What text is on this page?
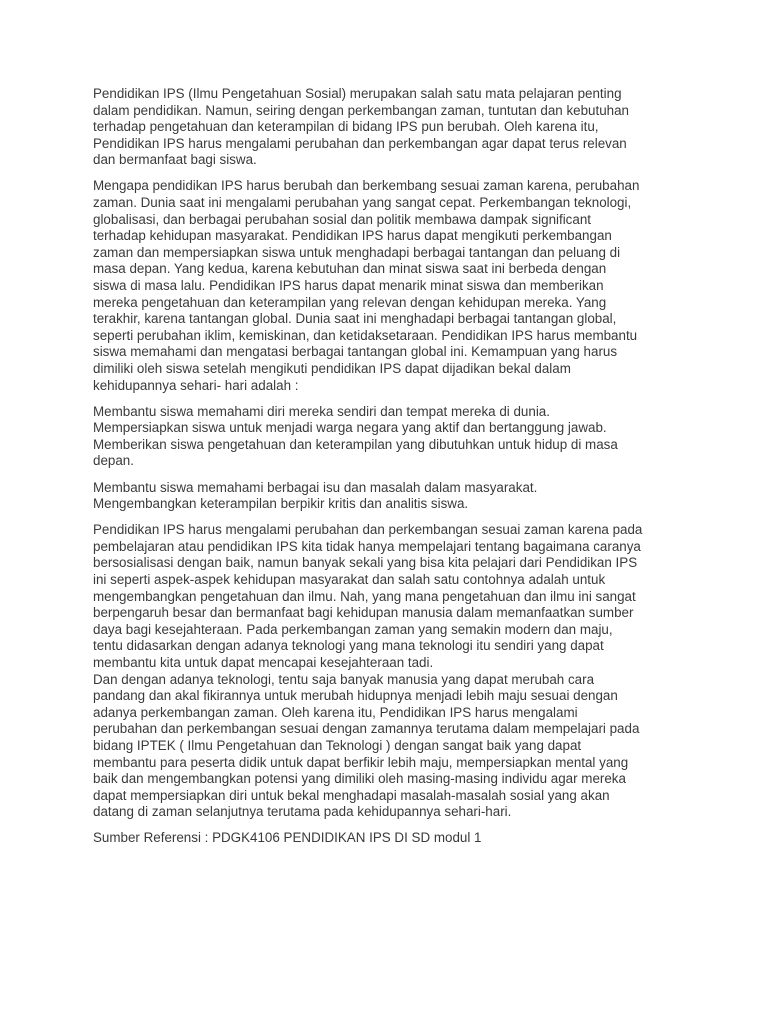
Pendidikan IPS (Ilmu Pengetahuan Sosial) merupakan salah satu mata pelajaran penting
dalam pendidikan. Namun, seiring dengan perkembangan zaman, tuntutan dan kebutuhan
terhadap pengetahuan dan keterampilan di bidang IPS pun berubah. Oleh karena itu,
Pendidikan IPS harus mengalami perubahan dan perkembangan agar dapat terus relevan
dan bermanfaat bagi siswa.

Mengapa pendidikan IPS harus berubah dan berkembang sesuai zaman karena, perubahan
zaman. Dunia saat ini mengalami perubahan yang sangat cepat. Perkembangan teknologi,
globalisasi, dan berbagai perubahan sosial dan politik membawa dampak significant
terhadap kehidupan masyarakat. Pendidikan IPS harus dapat mengikuti perkembangan
zaman dan mempersiapkan siswa untuk menghadapi berbagai tantangan dan peluang di
masa depan. Yang kedua, karena kebutuhan dan minat siswa saat ini berbeda dengan
siswa di masa lalu. Pendidikan IPS harus dapat menarik minat siswa dan memberikan
mereka pengetahuan dan keterampilan yang relevan dengan kehidupan mereka. Yang
terakhir, karena tantangan global. Dunia saat ini menghadapi berbagai tantangan global,
seperti perubahan iklim, kemiskinan, dan ketidaksetaraan. Pendidikan IPS harus membantu
siswa memahami dan mengatasi berbagai tantangan global ini. Kemampuan yang harus
dimiliki oleh siswa setelah mengikuti pendidikan IPS dapat dijadikan bekal dalam
kehidupannya sehari- hari adalah :

Membantu siswa memahami diri mereka sendiri dan tempat mereka di dunia.
Mempersiapkan siswa untuk menjadi warga negara yang aktif dan bertanggung jawab.
Memberikan siswa pengetahuan dan keterampilan yang dibutuhkan untuk hidup di masa
depan.

Membantu siswa memahami berbagai isu dan masalah dalam masyarakat.
Mengembangkan keterampilan berpikir kritis dan analitis siswa.

Pendidikan IPS harus mengalami perubahan dan perkembangan sesuai zaman karena pada
pembelajaran atau pendidikan IPS kita tidak hanya mempelajari tentang bagaimana caranya
bersosialisasi dengan baik, namun banyak sekali yang bisa kita pelajari dari Pendidikan IPS
ini seperti aspek-aspek kehidupan masyarakat dan salah satu contohnya adalah untuk
mengembangkan pengetahuan dan ilmu. Nah, yang mana pengetahuan dan ilmu ini sangat
berpengaruh besar dan bermanfaat bagi kehidupan manusia dalam memanfaatkan sumber
daya bagi kesejahteraan. Pada perkembangan zaman yang semakin modern dan maju,
tentu didasarkan dengan adanya teknologi yang mana teknologi itu sendiri yang dapat
membantu kita untuk dapat mencapai kesejahteraan tadi.

Dan dengan adanya teknologi, tentu saja banyak manusia yang dapat merubah cara
pandang dan akal fikirannya untuk merubah hidupnya menjadi lebih maju sesuai dengan
adanya perkembangan zaman. Oleh karena itu, Pendidikan IPS harus mengalami
perubahan dan perkembangan sesuai dengan zamannya terutama dalam mempelajari pada
bidang IPTEK ( Ilmu Pengetahuan dan Teknologi ) dengan sangat baik yang dapat
membantu para peserta didik untuk dapat berfikir lebih maju, mempersiapkan mental yang
baik dan mengembangkan potensi yang dimiliki oleh masing-masing individu agar mereka
dapat mempersiapkan diri untuk bekal menghadapi masalah-masalah sosial yang akan
datang di zaman selanjutnya terutama pada kehidupannya sehari-hari.

Sumber Referensi : PDGK4106 PENDIDIKAN IPS DI SD modul 1
